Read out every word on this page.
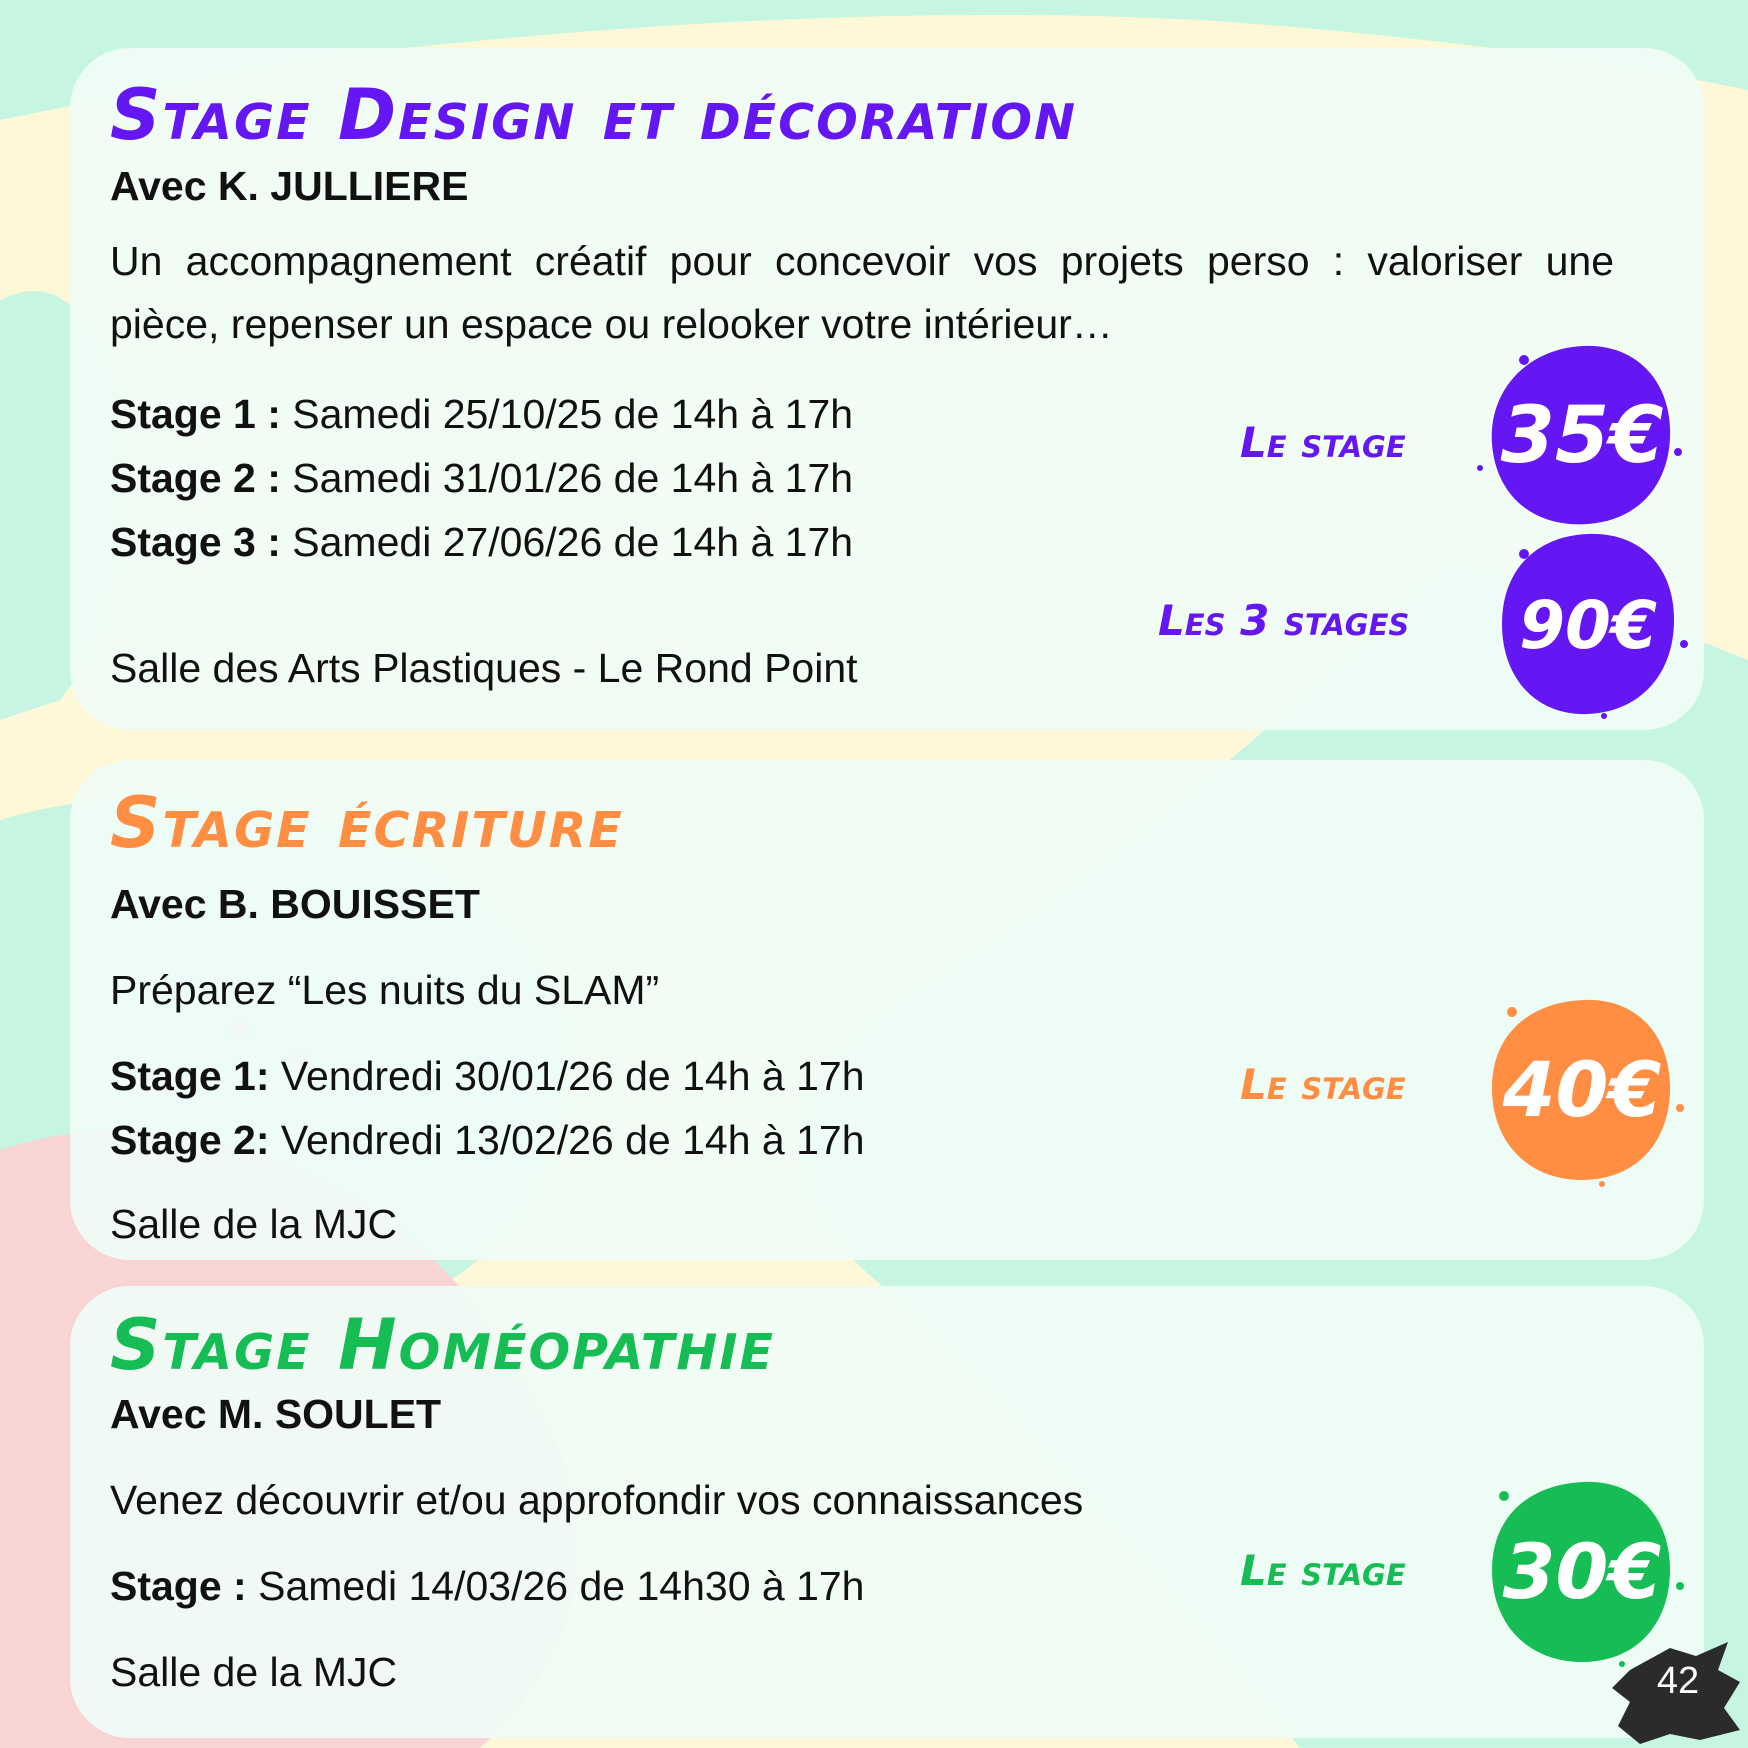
Stage Design et décoration

Avec K. JULLIERE

Un accompagnement créatif pour concevoir vos projets perso : valoriser une pièce, repenser un espace ou relooker votre intérieur…

Stage 1 : Samedi 25/10/25 de 14h à 17h

Stage 2 : Samedi 31/01/26 de 14h à 17h

Stage 3 : Samedi 27/06/26 de 14h à 17h

Salle des Arts Plastiques - Le Rond Point

Stage écriture

Avec B. BOUISSET

Préparez “Les nuits du SLAM”

Stage 1: Vendredi 30/01/26 de 14h à 17h

Stage 2: Vendredi 13/02/26 de 14h à 17h

Salle de la MJC

Stage Homéopathie

Avec M. SOULET

Venez découvrir et/ou approfondir vos connaissances

Stage : Samedi 14/03/26 de 14h30 à 17h

Salle de la MJC

Le stage
Les 3 stages
Le stage
Le stage
35€
90€
40€
30€
42
